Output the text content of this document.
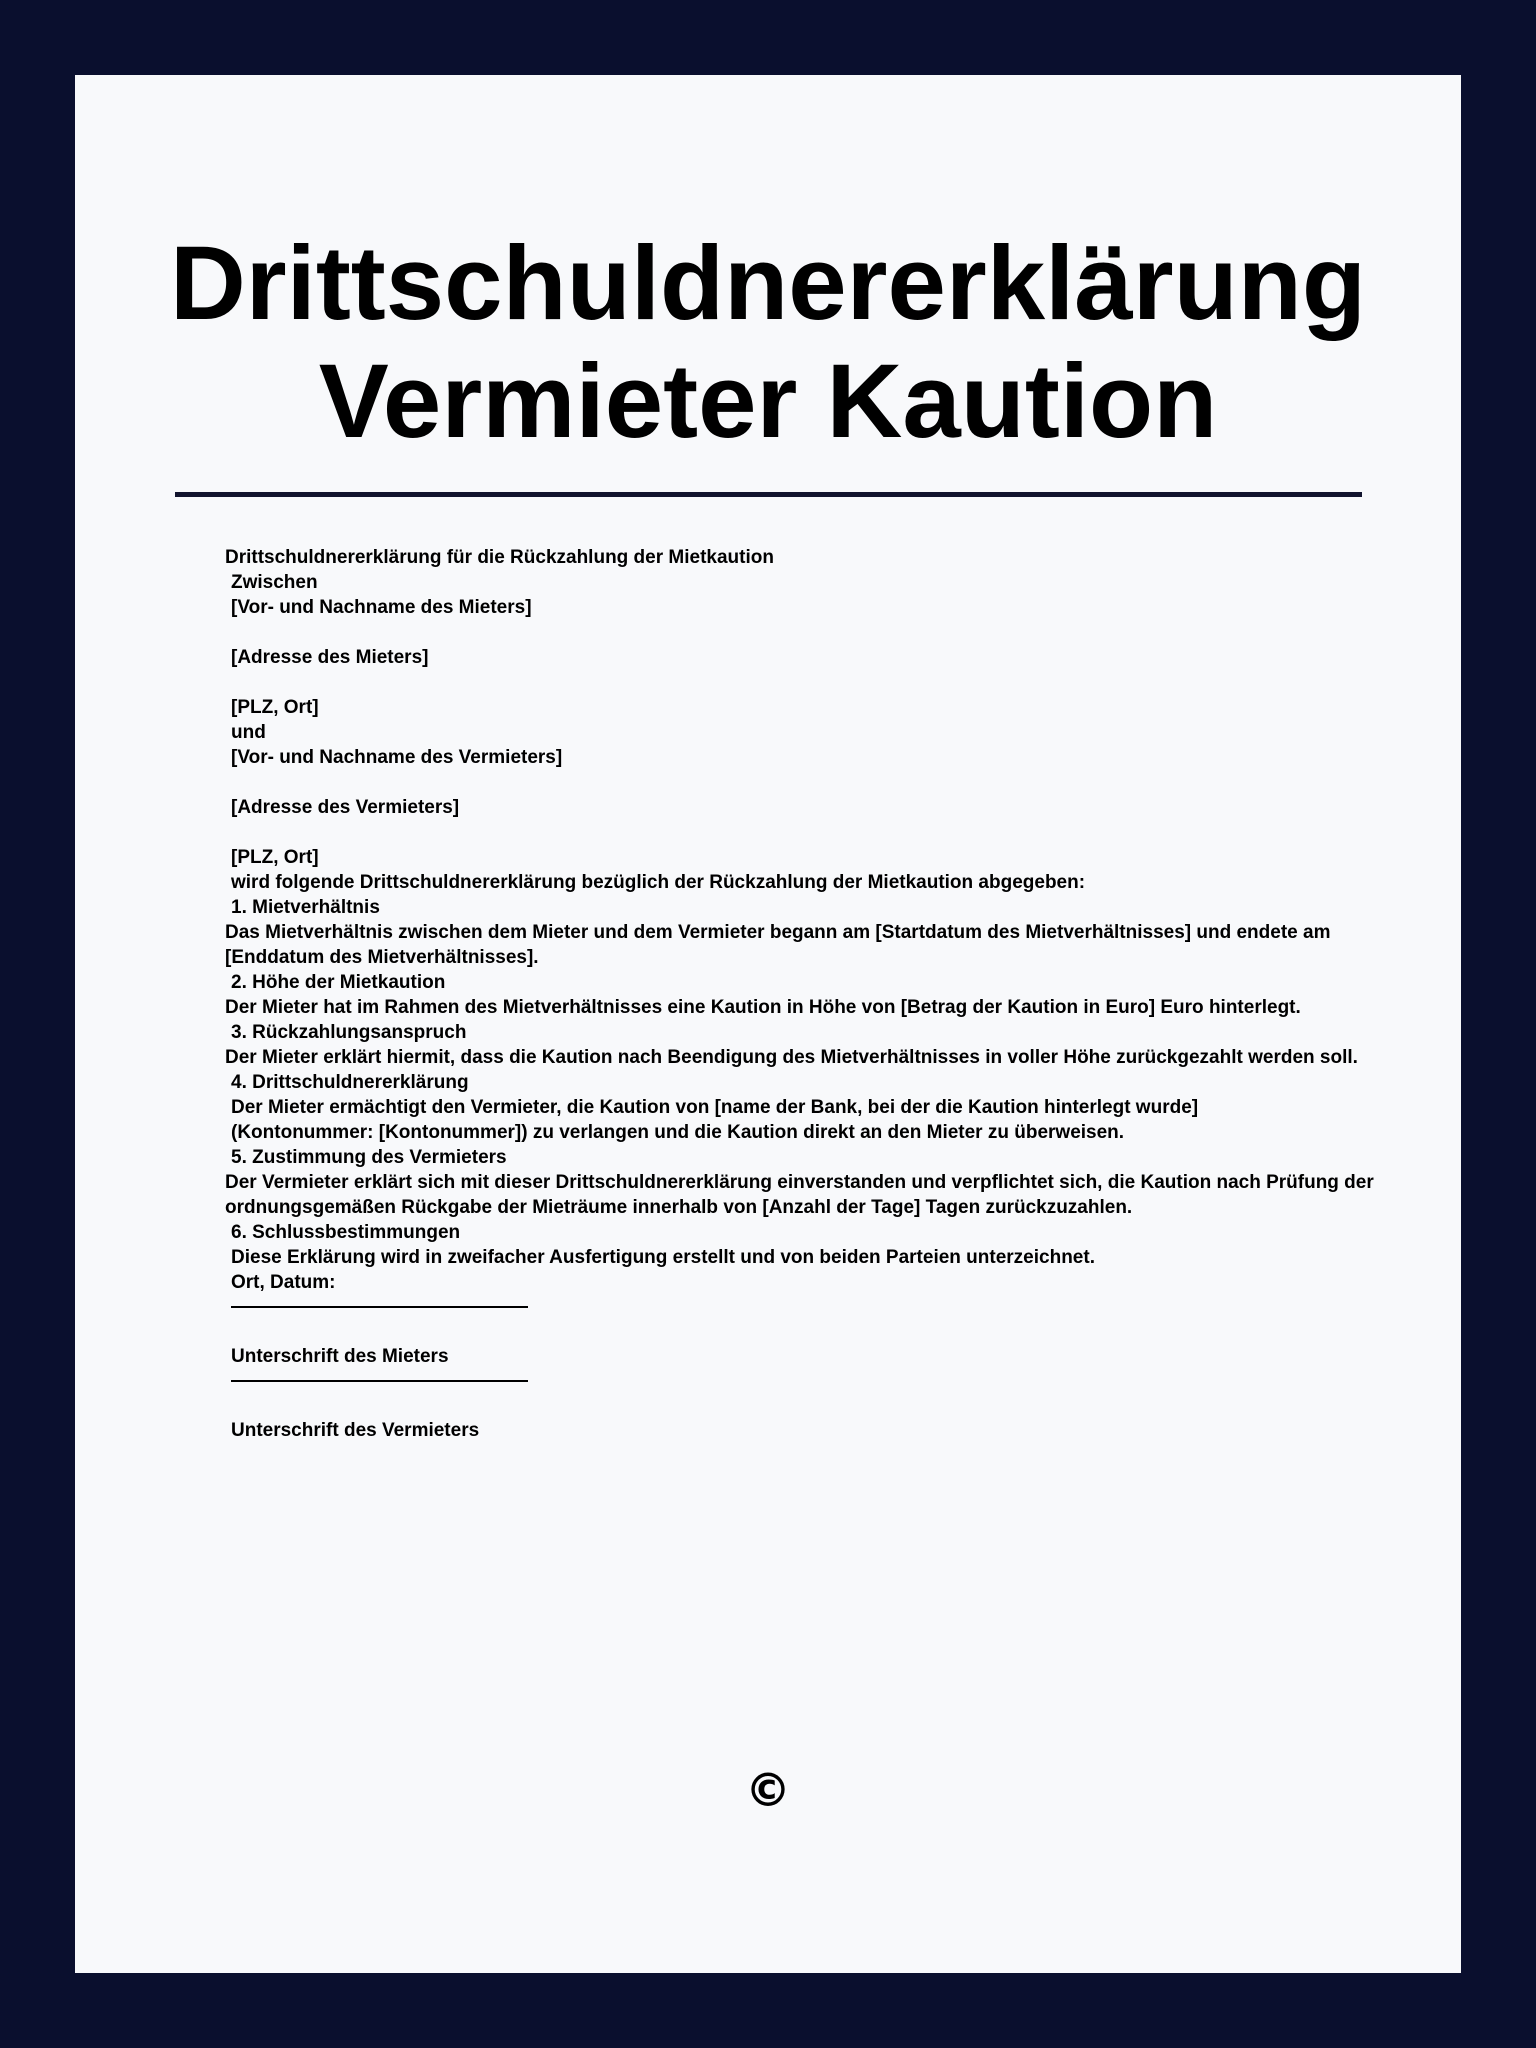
Drittschuldnererklärung
Vermieter Kaution
Drittschuldnererklärung für die Rückzahlung der Mietkaution
Zwischen
[Vor- und Nachname des Mieters]
[Adresse des Mieters]
[PLZ, Ort]
und
[Vor- und Nachname des Vermieters]
[Adresse des Vermieters]
[PLZ, Ort]
wird folgende Drittschuldnererklärung bezüglich der Rückzahlung der Mietkaution abgegeben:
1. Mietverhältnis
Das Mietverhältnis zwischen dem Mieter und dem Vermieter begann am [Startdatum des Mietverhältnisses] und endete am [Enddatum des Mietverhältnisses].
2. Höhe der Mietkaution
Der Mieter hat im Rahmen des Mietverhältnisses eine Kaution in Höhe von [Betrag der Kaution in Euro] Euro hinterlegt.
3. Rückzahlungsanspruch
Der Mieter erklärt hiermit, dass die Kaution nach Beendigung des Mietverhältnisses in voller Höhe zurückgezahlt werden soll.
4. Drittschuldnererklärung
Der Mieter ermächtigt den Vermieter, die Kaution von [name der Bank, bei der die Kaution hinterlegt wurde]
(Kontonummer: [Kontonummer]) zu verlangen und die Kaution direkt an den Mieter zu überweisen.
5. Zustimmung des Vermieters
Der Vermieter erklärt sich mit dieser Drittschuldnererklärung einverstanden und verpflichtet sich, die Kaution nach Prüfung der ordnungsgemäßen Rückgabe der Mieträume innerhalb von [Anzahl der Tage] Tagen zurückzuzahlen.
6. Schlussbestimmungen
Diese Erklärung wird in zweifacher Ausfertigung erstellt und von beiden Parteien unterzeichnet.
Ort, Datum:
Unterschrift des Mieters
Unterschrift des Vermieters
©
